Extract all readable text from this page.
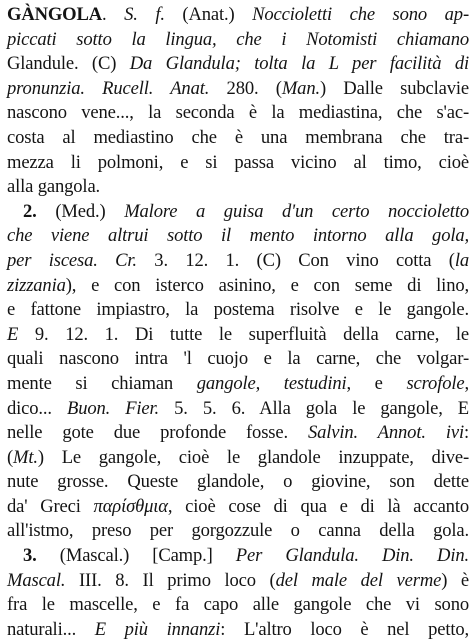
GÀNGOLA. S. f. (Anat.) Noccioletti che sono ap-
piccati sotto la lingua, che i Notomisti chiamano
Glandule. (C) Da Glandula; tolta la L per facilità di
pronunzia. Rucell. Anat. 280. (Man.) Dalle subclavie
nascono vene..., la seconda è la mediastina, che s'ac-
costa al mediastino che è una membrana che tra-
mezza li polmoni, e si passa vicino al timo, cioè
alla gangola.
2. (Med.) Malore a guisa d'un certo noccioletto
che viene altrui sotto il mento intorno alla gola,
per iscesa. Cr. 3. 12. 1. (C) Con vino cotta (la
zizzania), e con isterco asinino, e con seme di lino,
e fattone impiastro, la postema risolve e le gangole.
E 9. 12. 1. Di tutte le superfluità della carne, le
quali nascono intra 'l cuojo e la carne, che volgar-
mente si chiaman gangole, testudini, e scrofole,
dico... Buon. Fier. 5. 5. 6. Alla gola le gangole, E
nelle gote due profonde fosse. Salvin. Annot. ivi:
(Mt.) Le gangole, cioè le glandole inzuppate, dive-
nute grosse. Queste glandole, o giovine, son dette
da' Greci παρίσθμια, cioè cose di qua e di là accanto
all'istmo, preso per gorgozzule o canna della gola.
3. (Mascal.) [Camp.] Per Glandula. Din. Din.
Mascal. III. 8. Il primo loco (del male del verme) è
fra le mascelle, e fa capo alle gangole che vi sono
naturali... E più innanzi: L'altro loco è nel petto,
